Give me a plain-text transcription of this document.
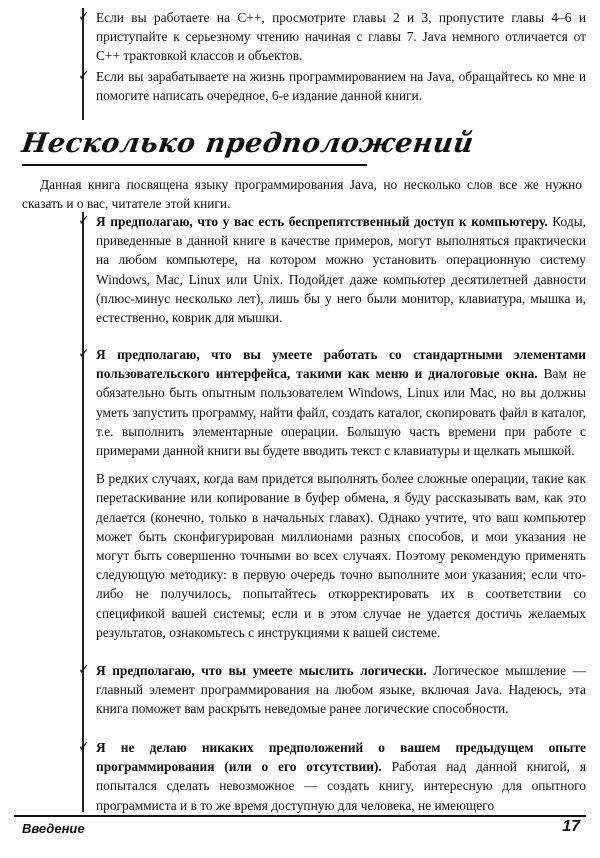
✓ Если вы работаете на С++, просмотрите главы 2 и 3, пропустите главы 4–6 и приступайте к серьезному чтению начиная с главы 7. Java немного отличается от С++ трактовкой классов и объектов.

✓ Если вы зарабатываете на жизнь программированием на Java, обращайтесь ко мне и помогите написать очередное, 6-е издание данной книги.

Несколько предположений
Данная книга посвящена языку программирования Java, но несколько слов все же нужно сказать и о вас, читателе этой книги.
✓ Я предполагаю, что у вас есть беспрепятственный доступ к компьютеру. Коды, приведенные в данной книге в качестве примеров, могут выполняться практически на любом компьютере, на котором можно установить операционную систему Windows, Mac, Linux или Unix. Подойдет даже компьютер десятилетней давности (плюс-минус несколько лет), лишь бы у него были монитор, клавиатура, мышка и, естественно, коврик для мышки.

✓ Я предполагаю, что вы умеете работать со стандартными элементами пользовательского интерфейса, такими как меню и диалоговые окна. Вам не обязательно быть опытным пользователем Windows, Linux или Mac, но вы должны уметь запустить программу, найти файл, создать каталог, скопировать файл в каталог, т.е. выполнить элементарные операции. Большую часть времени при работе с примерами данной книги вы будете вводить текст с клавиатуры и щелкать мышкой.

В редких случаях, когда вам придется выполнять более сложные операции, такие как перетаскивание или копирование в буфер обмена, я буду рассказывать вам, как это делается (конечно, только в начальных главах). Однако учтите, что ваш компьютер может быть сконфигурирован миллионами разных способов, и мои указания не могут быть совершенно точными во всех случаях. Поэтому рекомендую применять следующую методику: в первую очередь точно выполните мои указания; если что-либо не получилось, попытайтесь откорректировать их в соответствии со спецификой вашей системы; если и в этом случае не удается достичь желаемых результатов, ознакомьтесь с инструкциями к вашей системе.

✓ Я предполагаю, что вы умеете мыслить логически. Логическое мышление — главный элемент программирования на любом языке, включая Java. Надеюсь, эта книга поможет вам раскрыть неведомые ранее логические способности.

✓ Я не делаю никаких предположений о вашем предыдущем опыте программирования (или о его отсутствии). Работая над данной книгой, я попытался сделать невозможное — создать книгу, интересную для опытного программиста и в то же время доступную для человека, не имеющего

Введение	17
